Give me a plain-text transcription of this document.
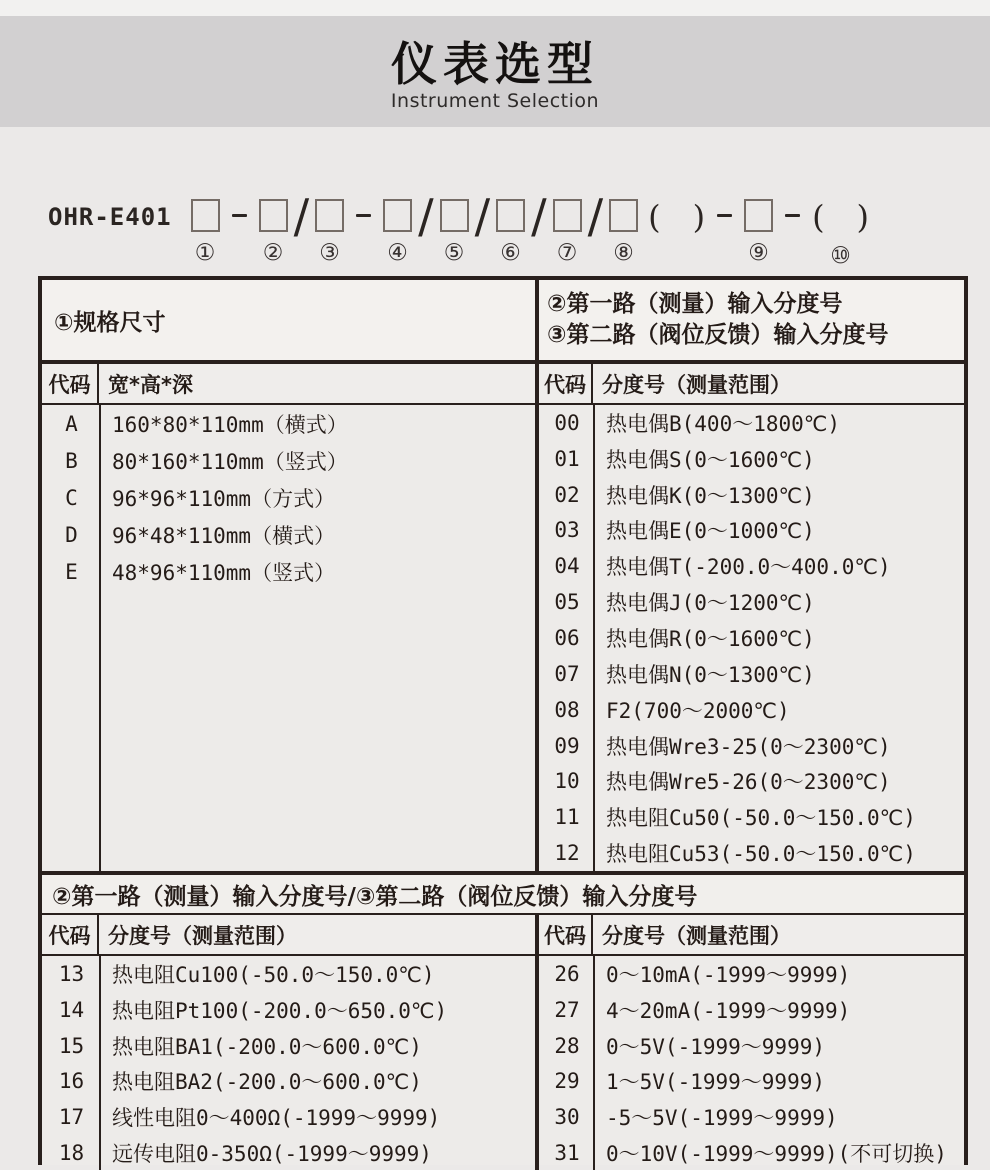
仪表选型
Instrument Selection
OHR-E401
① ②
/
③ ④
/
⑤
/
⑥
/
⑦
/
⑧
(  )
⑨
(  )
⑩
①规格尺寸
②第一路（测量）输入分度号
③第二路（阀位反馈）输入分度号
代码 宽*高*深	代码 分度号（测量范围）
A	160*80*110mm（横式）
B	80*160*110mm（竖式）
C	96*96*110mm（方式）
D	96*48*110mm（横式）
E	48*96*110mm（竖式）
00	热电偶B(400～1800℃)
01	热电偶S(0～1600℃)
02	热电偶K(0～1300℃)
03	热电偶E(0～1000℃)
04	热电偶T(-200.0～400.0℃)
05	热电偶J(0～1200℃)
06	热电偶R(0～1600℃)
07	热电偶N(0～1300℃)
08	F2(700～2000℃)
09	热电偶Wre3-25(0～2300℃)
10	热电偶Wre5-26(0～2300℃)
11	热电阻Cu50(-50.0～150.0℃)
12	热电阻Cu53(-50.0～150.0℃)
②第一路（测量）输入分度号/③第二路（阀位反馈）输入分度号
代码 分度号（测量范围）	代码 分度号（测量范围）
13	热电阻Cu100(-50.0～150.0℃)
14	热电阻Pt100(-200.0～650.0℃)
15	热电阻BA1(-200.0～600.0℃)
16	热电阻BA2(-200.0～600.0℃)
17	线性电阻0～400Ω(-1999～9999)
18	远传电阻0-350Ω(-1999～9999)
26	0～10mA(-1999～9999)
27	4～20mA(-1999～9999)
28	0～5V(-1999～9999)
29	1～5V(-1999～9999)
30	-5～5V(-1999～9999)
31	0～10V(-1999～9999)(不可切换)
